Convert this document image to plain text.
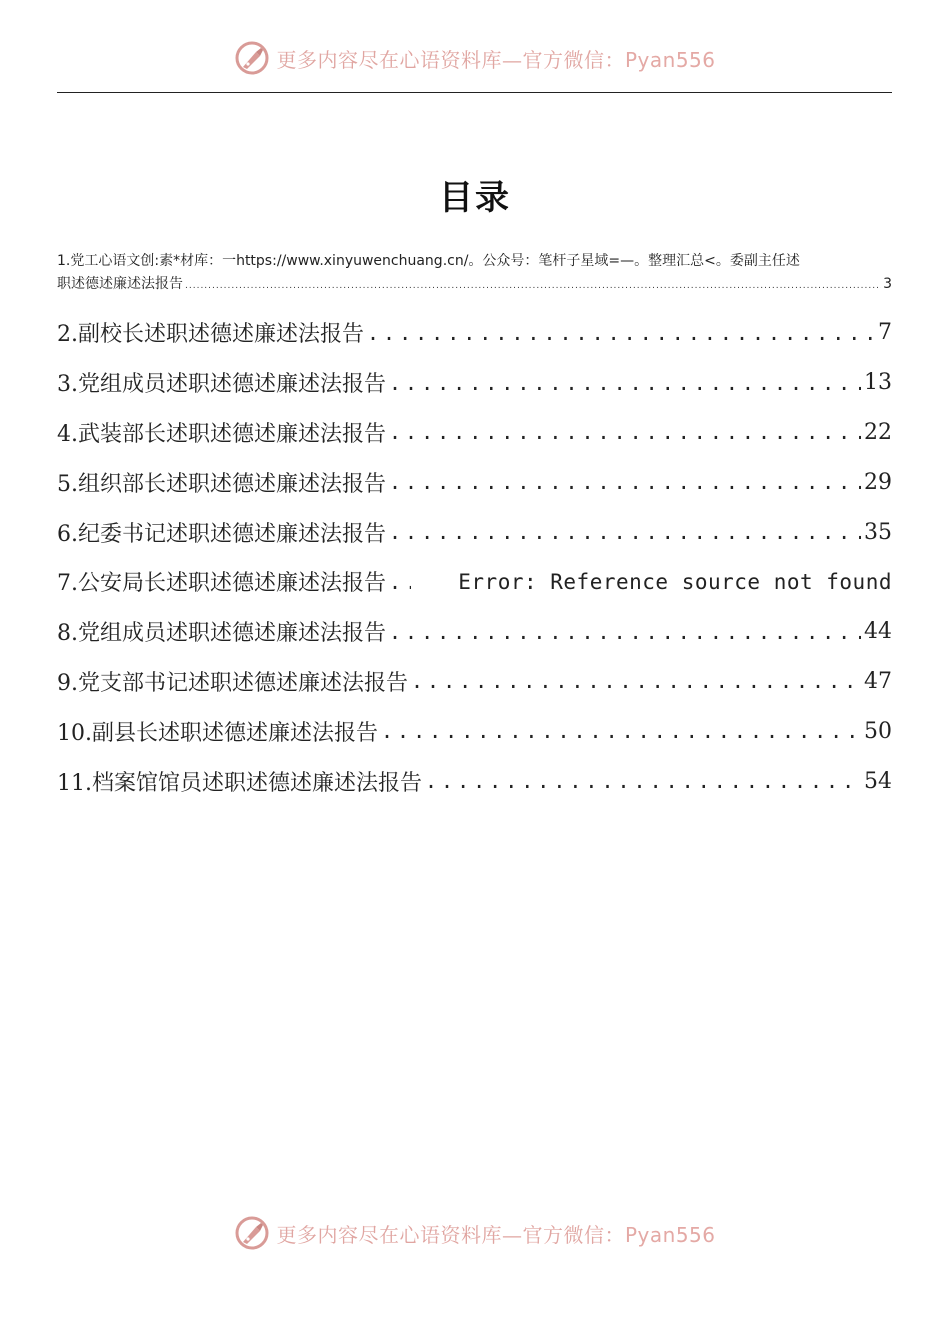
更多内容尽在心语资料库—官方微信：Pyan556
目录
1.党工心语文创:素*材库：一https://www.xinyuwenchuang.cn/。公众号：笔杆子星域=—。整理汇总<。委副主任述
职述德述廉述法报告 .....	3
2.副校长述职述德述廉述法报告 .....	7
3.党组成员述职述德述廉述法报告 .....	13
4.武装部长述职述德述廉述法报告 .....	22
5.组织部长述职述德述廉述法报告 .....	29
6.纪委书记述职述德述廉述法报告 .....	35
7.公安局长述职述德述廉述法报告 .....	Error: Reference source not found
8.党组成员述职述德述廉述法报告 .....	44
9.党支部书记述职述德述廉述法报告 .....	47
10.副县长述职述德述廉述法报告 .....	50
11.档案馆馆员述职述德述廉述法报告 .....	54
更多内容尽在心语资料库—官方微信：Pyan556
